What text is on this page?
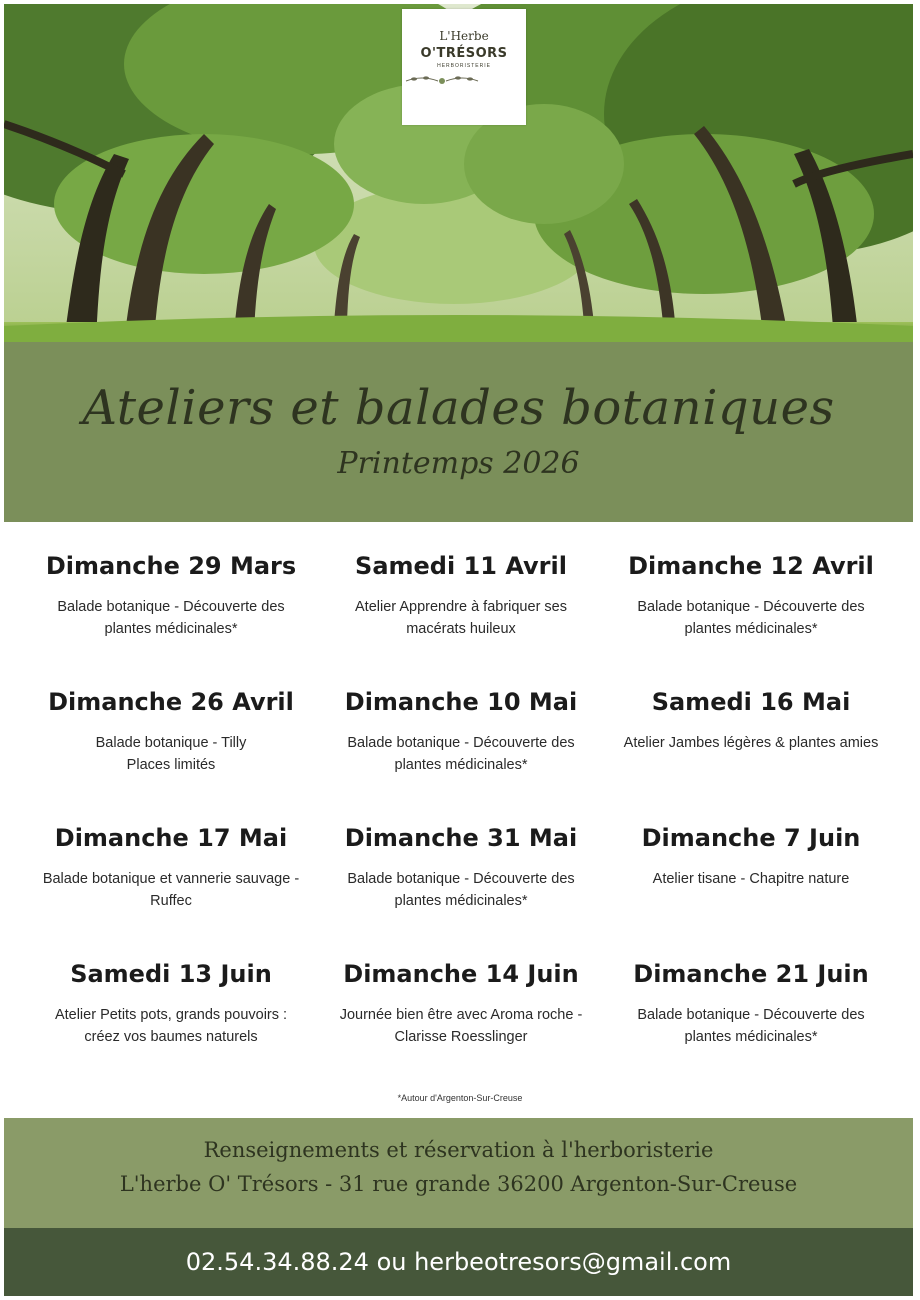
L'Herbe
O'TRÉSORS
HERBORISTERIE
Ateliers et balades botaniques
Printemps 2026
Dimanche 29 Mars
Balade botanique - Découverte des plantes médicinales*
Samedi 11 Avril
Atelier Apprendre à fabriquer ses macérats huileux
Dimanche 12 Avril
Balade botanique - Découverte des plantes médicinales*
Dimanche 26 Avril
Balade botanique - Tilly
Places limités
Dimanche 10 Mai
Balade botanique - Découverte des plantes médicinales*
Samedi 16 Mai
Atelier Jambes légères & plantes amies
Dimanche 17 Mai
Balade botanique et vannerie sauvage - Ruffec
Dimanche 31 Mai
Balade botanique - Découverte des plantes médicinales*
Dimanche 7 Juin
Atelier tisane - Chapitre nature
Samedi 13 Juin
Atelier Petits pots, grands pouvoirs : créez vos baumes naturels
Dimanche 14 Juin
Journée bien être avec Aroma roche - Clarisse Roesslinger
Dimanche 21 Juin
Balade botanique - Découverte des plantes médicinales*
*Autour d'Argenton-Sur-Creuse
Renseignements et réservation à l'herboristerie
L'herbe O' Trésors - 31 rue grande 36200 Argenton-Sur-Creuse
02.54.34.88.24 ou herbeotresors@gmail.com
